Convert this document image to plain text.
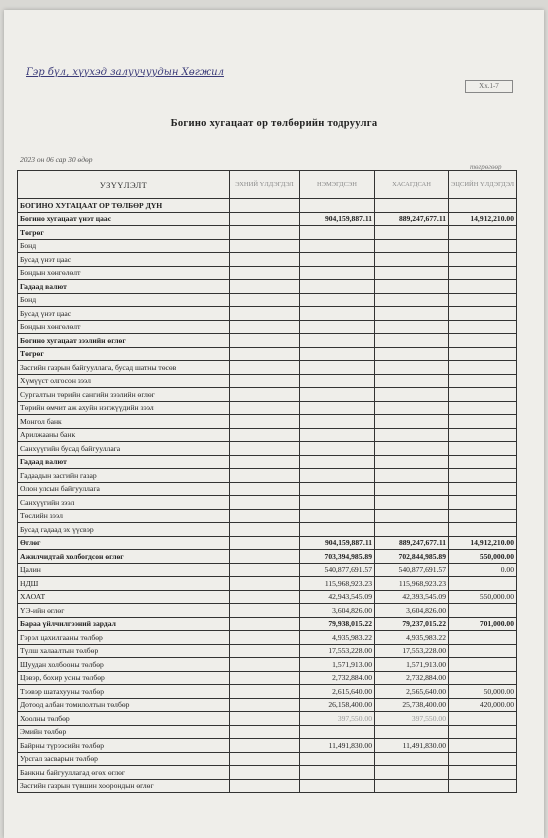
Гэр бүл, хүүхэд залуучуудын Хөгжил
Хх.1-7
Богино хугацаат ор төлбөрийн тодруулга
2023 он 06 сар 30 өдөр
төгрөгөөр
УЗҮҮЛЭЛТ	ЭХНИЙ ҮЛДЭГДЭЛ	НЭМЭГДСЭН	ХАСАГДСАН	ЭЦСИЙН ҮЛДЭГДЭЛ
БОГИНО ХУГАЦААТ ОР ТӨЛБӨР ДҮН				
Богино хугацаат үнэт цаас		904,159,887.11	889,247,677.11	14,912,210.00
Төгрөг				
Бонд				
Бусад үнэт цаас				
Бондын хөнгөлөлт				
Гадаад валют				
Бонд				
Бусад үнэт цаас				
Бондын хөнгөлөлт				
Богино хугацаат зээлийн өглөг				
Төгрөг				
Засгийн газрын байгууллага, бусад шатны төсөв				
Хүмүүст олгосон зээл				
Сургалтын төрийн сангийн зээлийн өглөг				
Төрийн өмчит аж ахуйн нэгжүүдийн зээл				
Монгол банк				
Арилжааны банк				
Санхүүгийн бусад байгууллага				
Гадаад валют				
Гадаадын засгийн газар				
Олон улсын байгууллага				
Санхүүгийн зээл				
Төслийн зээл				
Бусад гадаад эх үүсвэр				
Өглөг		904,159,887.11	889,247,677.11	14,912,210.00
Ажилчидтай холбогдсон өглөг		703,394,985.89	702,844,985.89	550,000.00
Цалин		540,877,691.57	540,877,691.57	0.00
НДШ		115,968,923.23	115,968,923.23	
ХАОАТ		42,943,545.09	42,393,545.09	550,000.00
ҮЭ-ийн өглөг		3,604,826.00	3,604,826.00	
Бараа үйлчилгээний зардал		79,938,015.22	79,237,015.22	701,000.00
Гэрэл цахилгааны төлбөр		4,935,983.22	4,935,983.22	
Түлш халаалтын төлбөр		17,553,228.00	17,553,228.00	
Шуудан холбооны төлбөр		1,571,913.00	1,571,913.00	
Цэвэр, бохир усны төлбөр		2,732,884.00	2,732,884.00	
Тээвэр шатахууны төлбөр		2,615,640.00	2,565,640.00	50,000.00
Дотоод албан томилолтын төлбөр		26,158,400.00	25,738,400.00	420,000.00
Хоолны төлбөр		397,550.00	397,550.00	
Эмийн төлбөр				
Байрны түрээсийн төлбөр		11,491,830.00	11,491,830.00	
Урсгал засварын төлбөр				
Банкны байгууллагад өгөх өглөг				
Засгийн газрын түвшин хоорондын өглөг				
